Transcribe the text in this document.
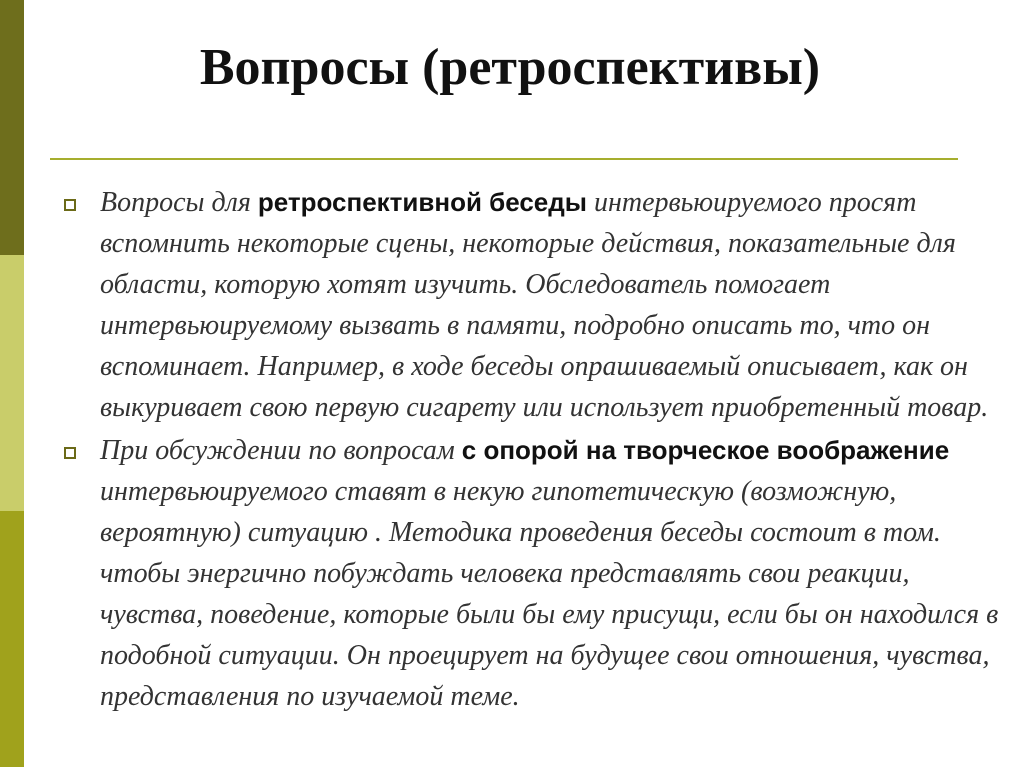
Вопросы (ретроспективы)
Вопросы для ретроспективной беседы интервьюируемого просят вспомнить некоторые сцены, некоторые действия, показательные для области, которую хотят изучить. Обследователь помогает интервьюируемому вызвать в памяти, подробно описать то, что он вспоминает. Например, в ходе беседы опрашиваемый описывает, как он выкуривает свою первую сигарету или использует приобретенный товар.
При обсуждении по вопросам с опорой на творческое воображение интервьюируемого ставят в некую гипотетическую (возможную, вероятную) ситуацию . Методика проведения беседы состоит в том. чтобы энергично побуждать человека представлять свои реакции, чувства, поведение, которые были бы ему присущи, если бы он находился в подобной ситуации. Он проецирует на будущее свои отношения, чувства, представления по изучаемой теме.
